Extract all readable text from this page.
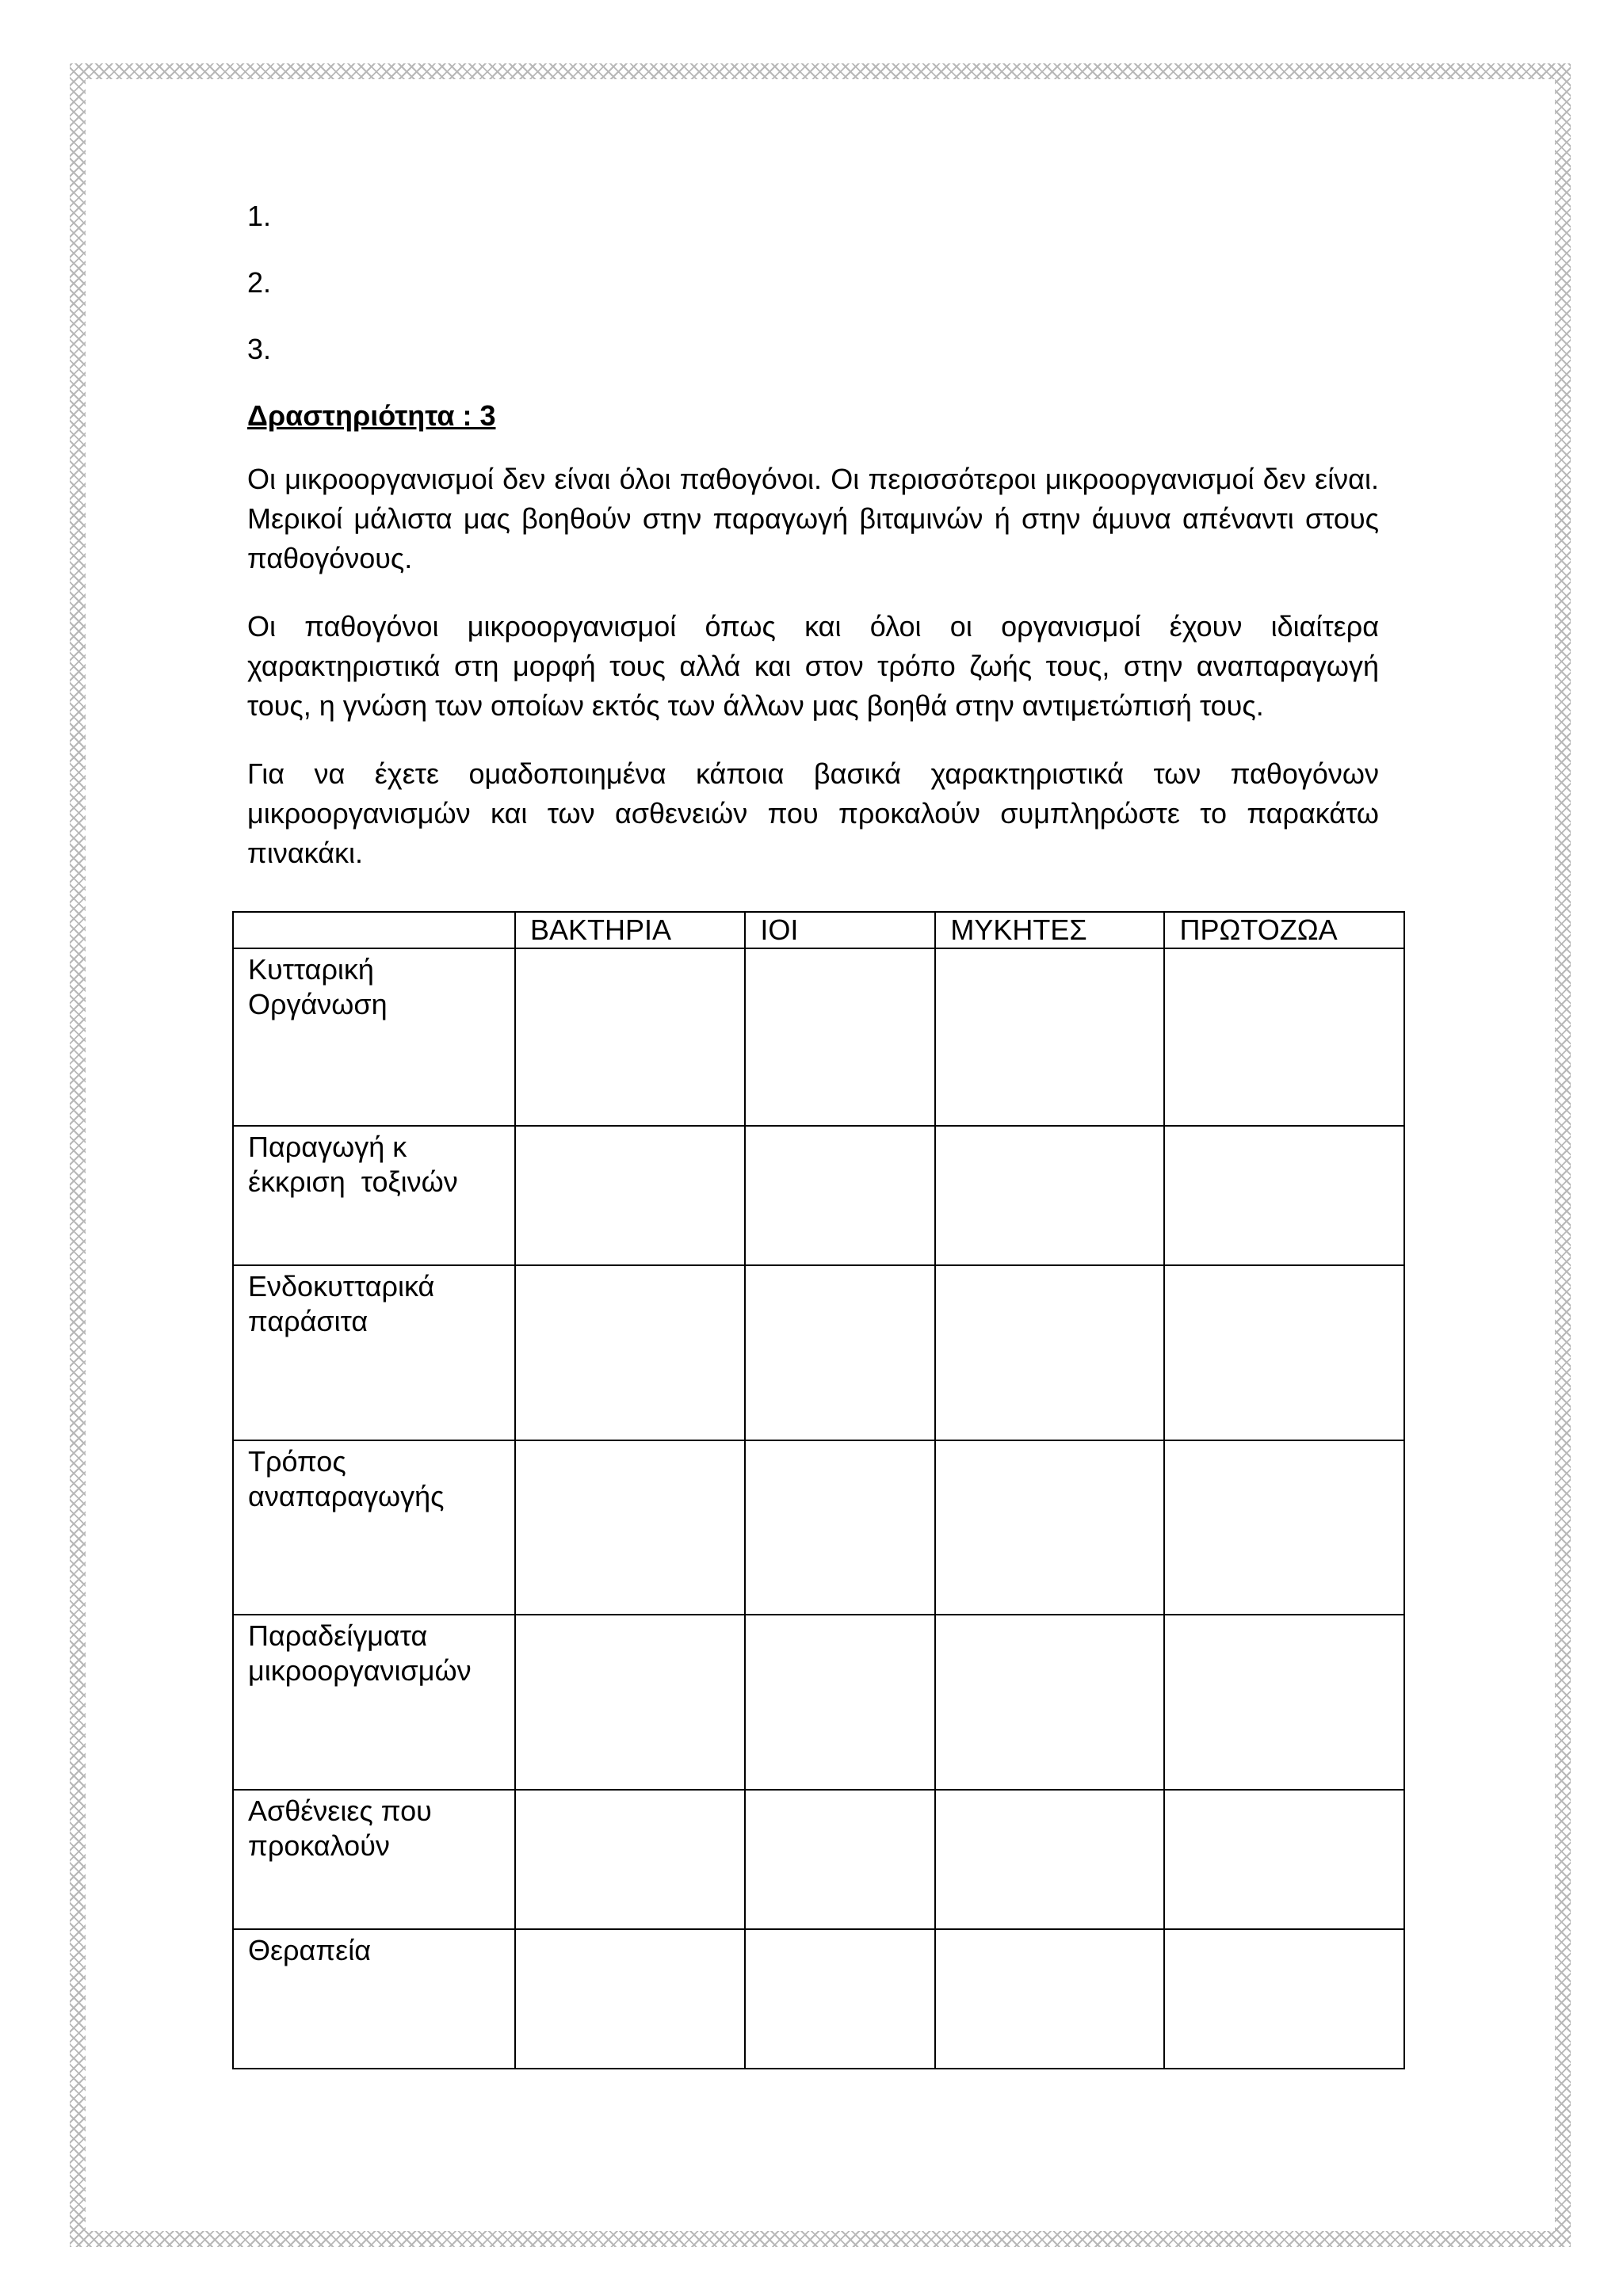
1.
2.
3.
Δραστηριότητα : 3

Οι μικροοργανισμοί δεν είναι όλοι παθογόνοι. Οι περισσότεροι μικροοργανισμοί δεν είναι. Μερικοί μάλιστα μας βοηθούν στην παραγωγή βιταμινών ή στην άμυνα απέναντι στους παθογόνους.

Οι παθογόνοι μικροοργανισμοί όπως και όλοι οι οργανισμοί έχουν ιδιαίτερα χαρακτηριστικά στη μορφή τους αλλά και στον τρόπο ζωής τους, στην αναπαραγωγή τους, η γνώση των οποίων εκτός των άλλων μας βοηθά στην αντιμετώπισή τους.

Για να έχετε ομαδοποιημένα κάποια βασικά χαρακτηριστικά των παθογόνων μικροοργανισμών και των ασθενειών που προκαλούν συμπληρώστε το παρακάτω πινακάκι.

	ΒΑΚΤΗΡΙΑ	ΙΟΙ	ΜΥΚΗΤΕΣ	ΠΡΩΤΟΖΩΑ

Κυτταρική
Οργάνωση				

Παραγωγή κ
έκκριση  τοξινών				

Ενδοκυτταρικά
παράσιτα				

Τρόπος
αναπαραγωγής				

Παραδείγματα
μικροοργανισμών				

Ασθένειες που
προκαλούν				

Θεραπεία				
